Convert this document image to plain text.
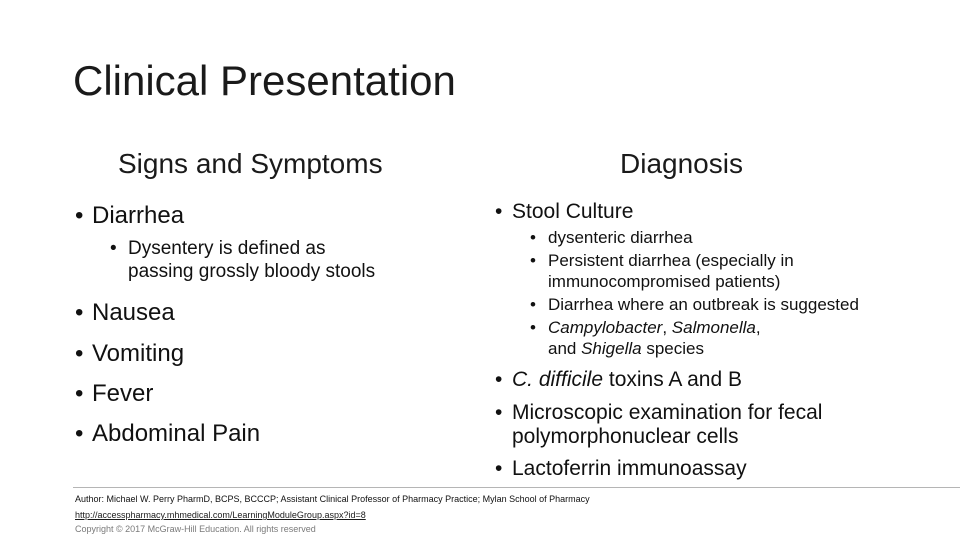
Clinical Presentation
Signs and Symptoms	Diagnosis
• Diarrhea
• Dysentery is defined as
passing grossly bloody stools
• Nausea
• Vomiting
• Fever
• Abdominal Pain
• Stool Culture
• dysenteric diarrhea
• Persistent diarrhea (especially in
immunocompromised patients)
• Diarrhea where an outbreak is suggested
• Campylobacter, Salmonella,
and Shigella species
• C. difficile toxins A and B
• Microscopic examination for fecal
polymorphonuclear cells
• Lactoferrin immunoassay
Author: Michael W. Perry PharmD, BCPS, BCCCP; Assistant Clinical Professor of Pharmacy Practice; Mylan School of Pharmacy
http://accesspharmacy.mhmedical.com/LearningModuleGroup.aspx?id=8
Copyright © 2017 McGraw-Hill Education. All rights reserved
